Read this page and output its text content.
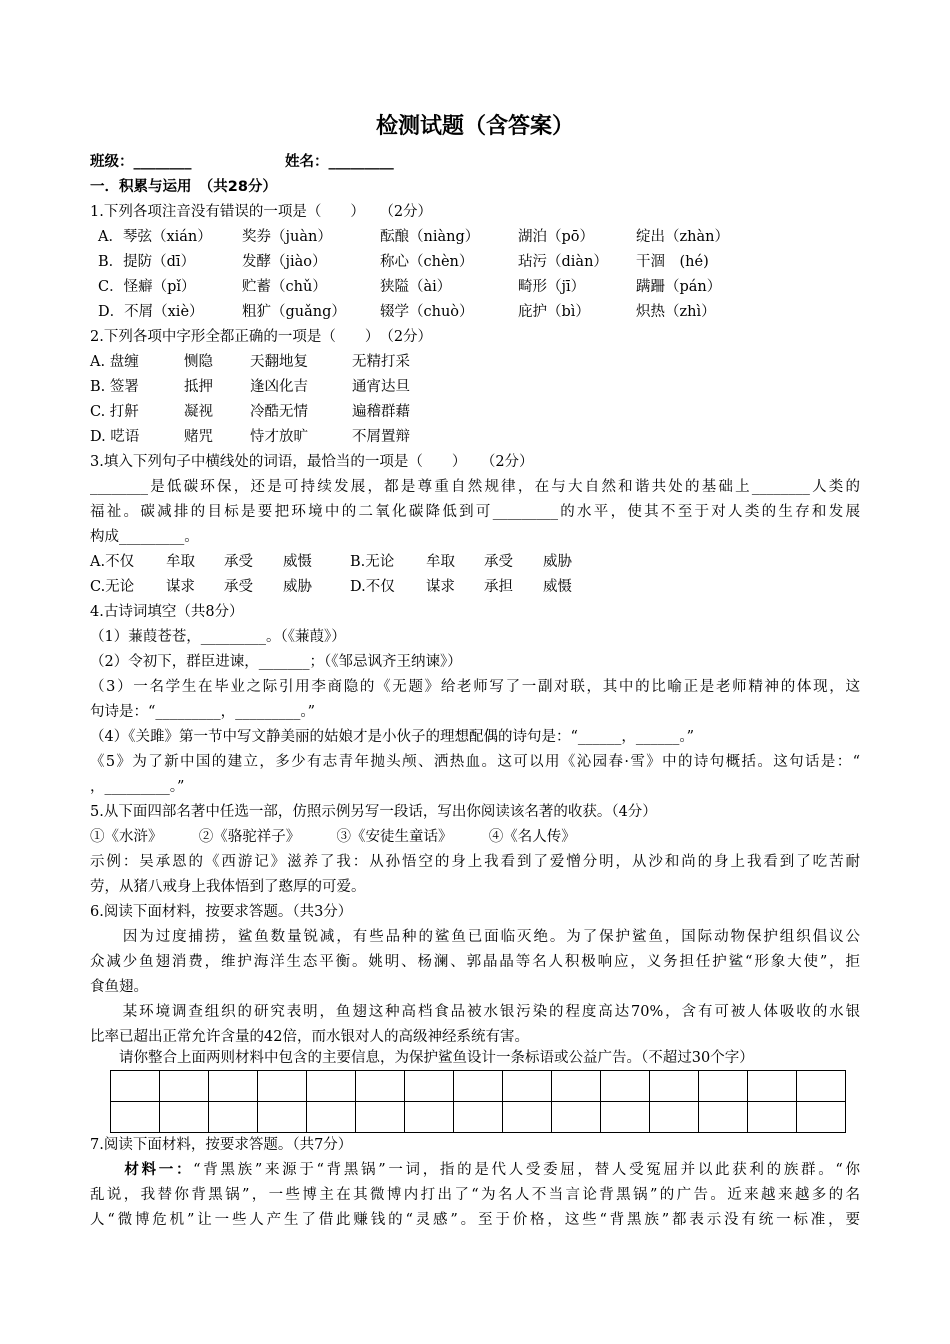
检测试题（含答案）
班级：________	姓名：_________
一．积累与运用　（共28分）
1.下列各项注音没有错误的一项是（　　）　　（2分）
A．琴弦（xián） 奖券（juàn）	酝酿（niàng）	湖泊（pō）	绽出（zhàn）
B．提防（dī）	发酵（jiào）	称心（chèn）	玷污（diàn） 干涸　(hé)
C．怪癖（pǐ）	贮蓄（chǔ）	狭隘（ài）	畸形（jī）	蹒跚（pán）
D．不屑（xiè）	粗犷（guǎng） 辍学（chuò）	庇护（bì）	炽热（zhì）
2.下列各项中字形全都正确的一项是（　　）　（2分）
A. 盘缠	恻隐	天翻地复	无精打采
B. 签署	抵押	逢凶化吉	通宵达旦
C. 打鼾	凝视	冷酷无情	遍稽群藉
D. 呓语	赌咒	恃才放旷	不屑置辩
3.填入下列句子中横线处的词语，最恰当的一项是（　　）　　（2分）
________是低碳环保，还是可持续发展，都是尊重自然规律，在与大自然和谐共处的基础上________人类的
福祉。碳减排的目标是要把环境中的二氧化碳降低到可_________的水平，使其不至于对人类的生存和发展
构成_________。
A.不仅 牟取 承受 威慑	B.无论 牟取 承受 威胁
C.无论 谋求 承受 威胁	D.不仅 谋求 承担 威慑
4.古诗词填空（共8分）
（1）蒹葭苍苍，_________。（《蒹葭》）
（2）令初下，群臣进谏，_______；（《邹忌讽齐王纳谏》）
（3）一名学生在毕业之际引用李商隐的《无题》给老师写了一副对联，其中的比喻正是老师精神的体现，这
句诗是：“_________，_________。”
（4）《关雎》第一节中写文静美丽的姑娘才是小伙子的理想配偶的诗句是：“______，______。”
《5》为了新中国的建立，多少有志青年抛头颅、洒热血。这可以用《沁园春·雪》中的诗句概括。这句话是：“
，_________。”
5.从下面四部名著中任选一部，仿照示例另写一段话，写出你阅读该名著的收获。（4分）
①《水浒》　　　②《骆驼祥子》　　　③《安徒生童话》　　　④《名人传》
示例：吴承恩的《西游记》滋养了我：从孙悟空的身上我看到了爱憎分明，从沙和尚的身上我看到了吃苦耐
劳，从猪八戒身上我体悟到了憨厚的可爱。
6.阅读下面材料，按要求答题。（共3分）
　　因为过度捕捞，鲨鱼数量锐减，有些品种的鲨鱼已面临灭绝。为了保护鲨鱼，国际动物保护组织倡议公
众减少鱼翅消费，维护海洋生态平衡。姚明、杨澜、郭晶晶等名人积极响应，义务担任护鲨“形象大使”，拒
食鱼翅。
　　某环境调查组织的研究表明，鱼翅这种高档食品被水银污染的程度高达70%，含有可被人体吸收的水银
比率已超出正常允许含量的42倍，而水银对人的高级神经系统有害。
　　请你整合上面两则材料中包含的主要信息，为保护鲨鱼设计一条标语或公益广告。（不超过30个字）

7.阅读下面材料，按要求答题。（共7分）
　　材料一：“背黑族”来源于“背黑锅”一词，指的是代人受委屈，替人受冤屈并以此获利的族群。“你
乱说，我替你背黑锅”，一些博主在其微博内打出了“为名人不当言论背黑锅”的广告。近来越来越多的名
人“微博危机”让一些人产生了借此赚钱的“灵感”。至于价格，这些“背黑族”都表示没有统一标准，要
